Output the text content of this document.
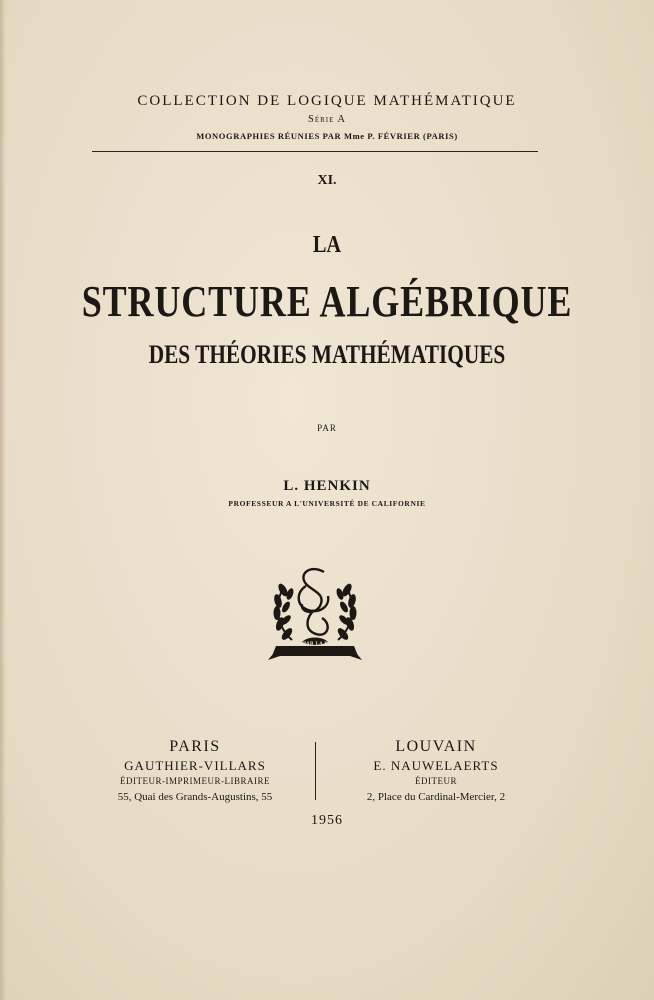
COLLECTION DE LOGIQUE MATHÉMATIQUE
Série A
MONOGRAPHIES RÉUNIES PAR Mme P. FÉVRIER (PARIS)
XI.
LA
STRUCTURE ALGÉBRIQUE
DES THÉORIES MATHÉMATIQUES
PAR
L. HENKIN
PROFESSEUR A L'UNIVERSITÉ DE CALIFORNIE
TOUT PAR LA PENSEE
PARIS
GAUTHIER-VILLARS
ÉDITEUR-IMPRIMEUR-LIBRAIRE
55, Quai des Grands-Augustins, 55
LOUVAIN
E. NAUWELAERTS
ÉDITEUR
2, Place du Cardinal-Mercier, 2
1956
